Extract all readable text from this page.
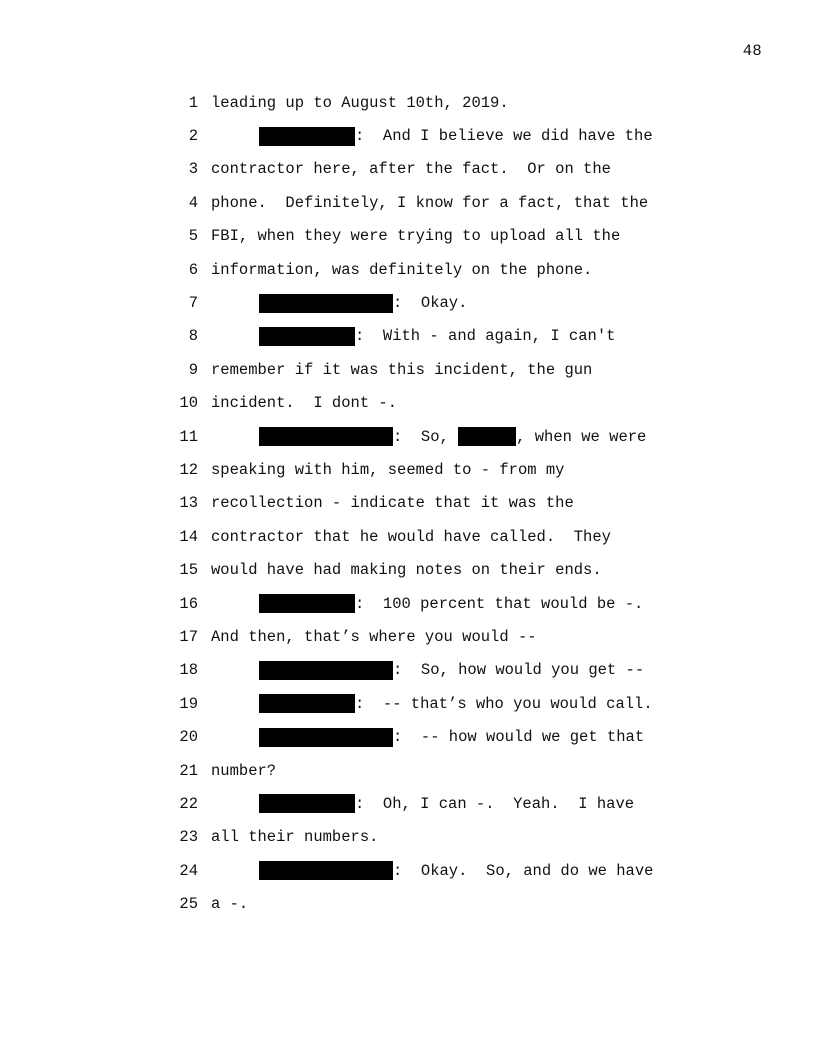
48
1 leading up to August 10th, 2019.
2	:  And I believe we did have the
3 contractor here, after the fact.  Or on the
4 phone.  Definitely, I know for a fact, that the
5 FBI, when they were trying to upload all the
6 information, was definitely on the phone.
7	:  Okay.
8	:  With - and again, I can't
9 remember if it was this incident, the gun
10 incident.  I dont -.
11	:  So,	, when we were
12 speaking with him, seemed to - from my
13 recollection - indicate that it was the
14 contractor that he would have called.  They
15 would have had making notes on their ends.
16	:  100 percent that would be -.
17 And then, that’s where you would --
18	:  So, how would you get --
19	:  -- that’s who you would call.
20	:  -- how would we get that
21 number?
22	:  Oh, I can -.  Yeah.  I have
23 all their numbers.
24	:  Okay.  So, and do we have
25 a -.
